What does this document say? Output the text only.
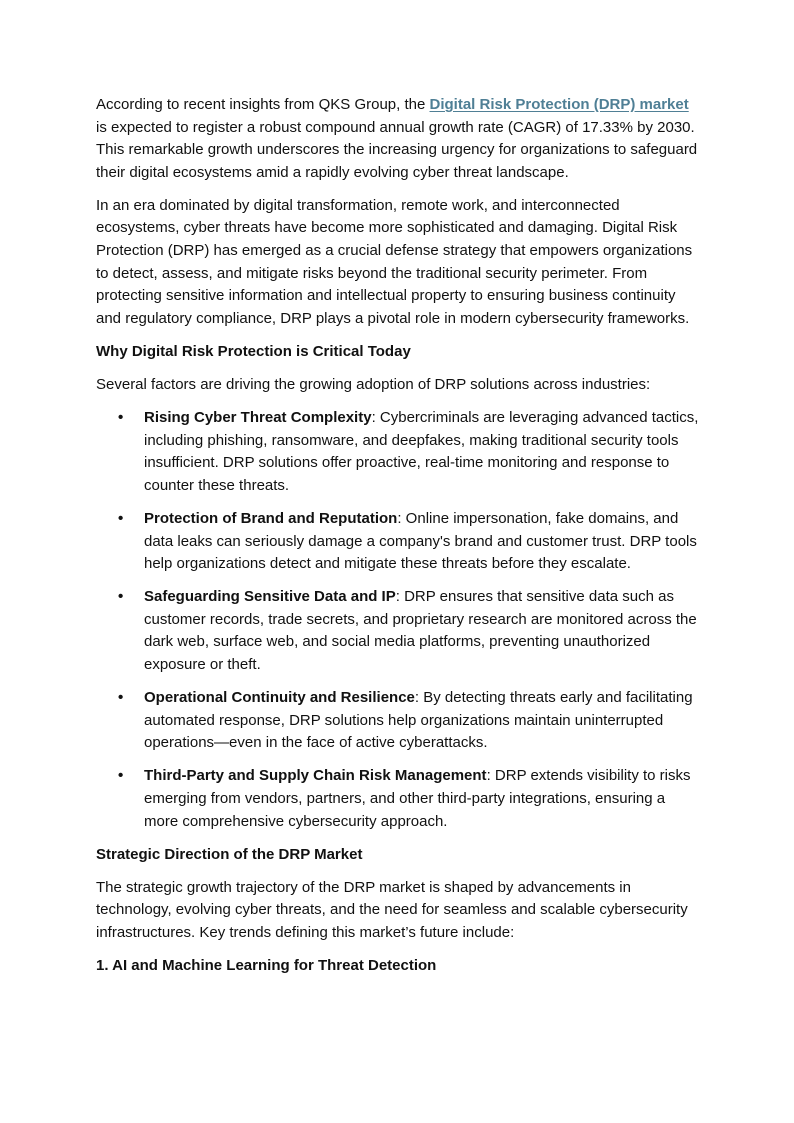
According to recent insights from QKS Group, the Digital Risk Protection (DRP) market is expected to register a robust compound annual growth rate (CAGR) of 17.33% by 2030. This remarkable growth underscores the increasing urgency for organizations to safeguard their digital ecosystems amid a rapidly evolving cyber threat landscape.

In an era dominated by digital transformation, remote work, and interconnected ecosystems, cyber threats have become more sophisticated and damaging. Digital Risk Protection (DRP) has emerged as a crucial defense strategy that empowers organizations to detect, assess, and mitigate risks beyond the traditional security perimeter. From protecting sensitive information and intellectual property to ensuring business continuity and regulatory compliance, DRP plays a pivotal role in modern cybersecurity frameworks.

Why Digital Risk Protection is Critical Today

Several factors are driving the growing adoption of DRP solutions across industries:

• Rising Cyber Threat Complexity: Cybercriminals are leveraging advanced tactics, including phishing, ransomware, and deepfakes, making traditional security tools insufficient. DRP solutions offer proactive, real-time monitoring and response to counter these threats.
• Protection of Brand and Reputation: Online impersonation, fake domains, and data leaks can seriously damage a company's brand and customer trust. DRP tools help organizations detect and mitigate these threats before they escalate.
• Safeguarding Sensitive Data and IP: DRP ensures that sensitive data such as customer records, trade secrets, and proprietary research are monitored across the dark web, surface web, and social media platforms, preventing unauthorized exposure or theft.
• Operational Continuity and Resilience: By detecting threats early and facilitating automated response, DRP solutions help organizations maintain uninterrupted operations—even in the face of active cyberattacks.
• Third-Party and Supply Chain Risk Management: DRP extends visibility to risks emerging from vendors, partners, and other third-party integrations, ensuring a more comprehensive cybersecurity approach.

Strategic Direction of the DRP Market

The strategic growth trajectory of the DRP market is shaped by advancements in technology, evolving cyber threats, and the need for seamless and scalable cybersecurity infrastructures. Key trends defining this market’s future include:

1. AI and Machine Learning for Threat Detection
